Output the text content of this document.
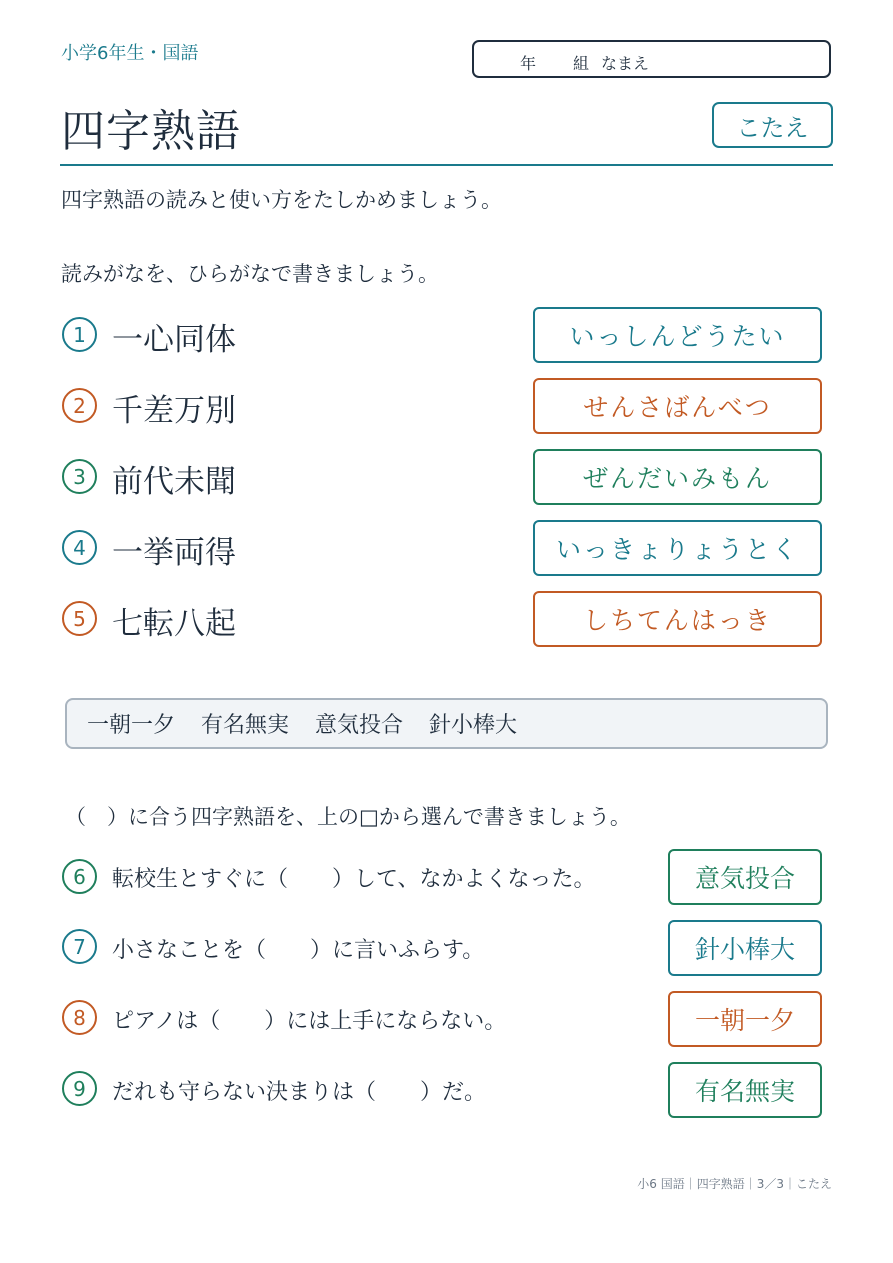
小学6年生・国語	年 組 なまえ
四字熟語	こたえ
四字熟語の読みと使い方をたしかめましょう。
読みがなを、ひらがなで書きましょう。
1 一心同体	いっしんどうたい
2 千差万別	せんさばんべつ
3 前代未聞	ぜんだいみもん
4 一挙両得	いっきょりょうとく
5 七転八起	しちてんはっき
一朝一夕 有名無実 意気投合 針小棒大
（　）に合う四字熟語を、上の□から選んで書きましょう。
6	転校生とすぐに（　　）して、なかよくなった。	意気投合
7	小さなことを（　　）に言いふらす。	針小棒大
8	ピアノは（　　）には上手にならない。	一朝一夕
9	だれも守らない決まりは（　　）だ。	有名無実
小6 国語｜四字熟語｜3／3｜こたえ
